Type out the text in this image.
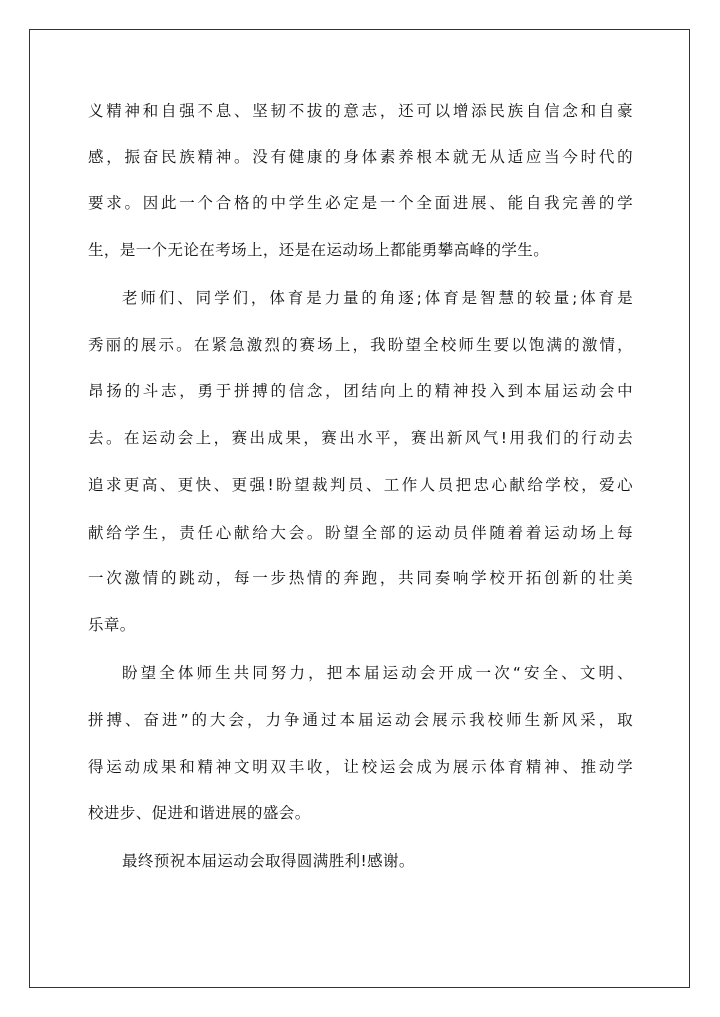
义精神和自强不息、坚韧不拔的意志，还可以增添民族自信念和自豪
感，振奋民族精神。没有健康的身体素养根本就无从适应当今时代的
要求。因此一个合格的中学生必定是一个全面进展、能自我完善的学
生，是一个无论在考场上，还是在运动场上都能勇攀高峰的学生。
老师们、同学们，体育是力量的角逐;体育是智慧的较量;体育是
秀丽的展示。在紧急激烈的赛场上，我盼望全校师生要以饱满的激情，
昂扬的斗志，勇于拼搏的信念，团结向上的精神投入到本届运动会中
去。在运动会上，赛出成果，赛出水平，赛出新风气!用我们的行动去
追求更高、更快、更强!盼望裁判员、工作人员把忠心献给学校，爱心
献给学生，责任心献给大会。盼望全部的运动员伴随着着运动场上每
一次激情的跳动，每一步热情的奔跑，共同奏响学校开拓创新的壮美
乐章。
盼望全体师生共同努力，把本届运动会开成一次“安全、文明、
拼搏、奋进”的大会，力争通过本届运动会展示我校师生新风采，取
得运动成果和精神文明双丰收，让校运会成为展示体育精神、推动学
校进步、促进和谐进展的盛会。
最终预祝本届运动会取得圆满胜利!感谢。
